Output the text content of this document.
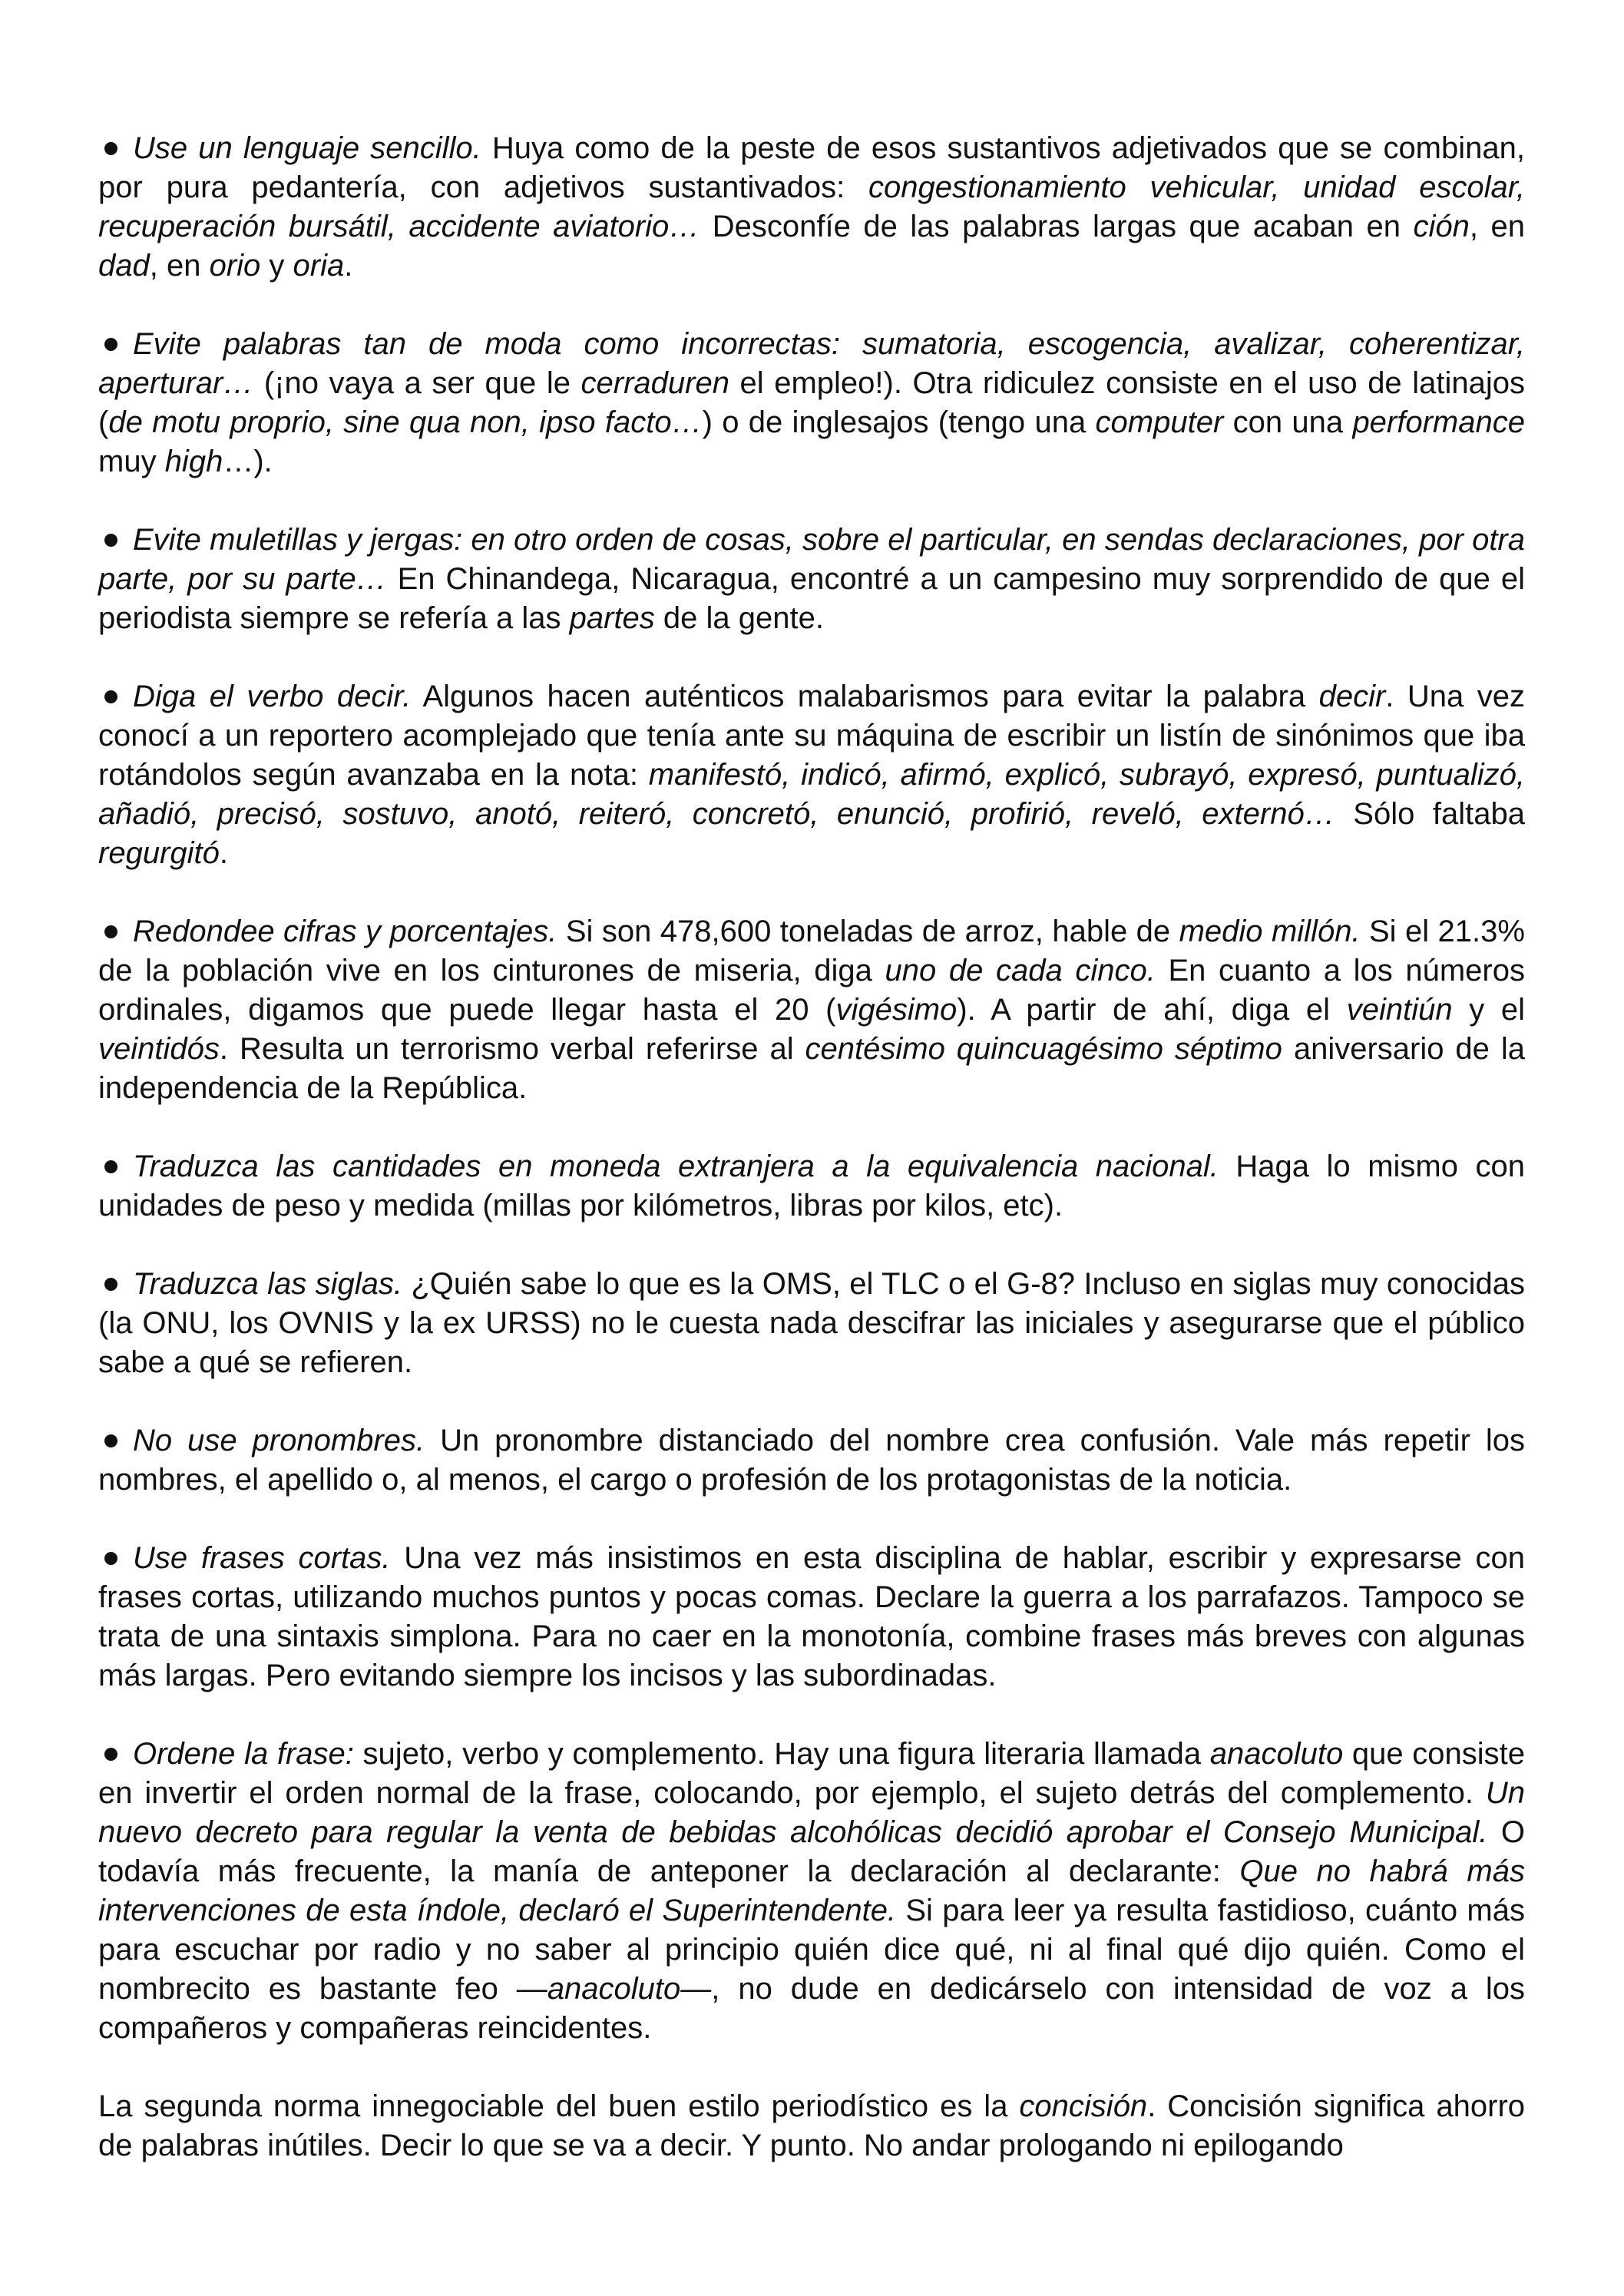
Use un lenguaje sencillo. Huya como de la peste de esos sustantivos adjetivados que se combinan, por pura pedantería, con adjetivos sustantivados: congestionamiento vehicular, unidad escolar, recuperación bursátil, accidente aviatorio… Desconfíe de las palabras largas que acaban en ción, en dad, en orio y oria.

Evite palabras tan de moda como incorrectas: sumatoria, escogencia, avalizar, coherentizar, aperturar… (¡no vaya a ser que le cerraduren el empleo!). Otra ridiculez consiste en el uso de latinajos (de motu proprio, sine qua non, ipso facto…) o de inglesajos (tengo una computer con una performance muy high…).

Evite muletillas y jergas: en otro orden de cosas, sobre el particular, en sendas declaraciones, por otra parte, por su parte… En Chinandega, Nicaragua, encontré a un campesino muy sorprendido de que el periodista siempre se refería a las partes de la gente.

Diga el verbo decir. Algunos hacen auténticos malabarismos para evitar la palabra decir. Una vez conocí a un reportero acomplejado que tenía ante su máquina de escribir un listín de sinónimos que iba rotándolos según avanzaba en la nota: manifestó, indicó, afirmó, explicó, subrayó, expresó, puntualizó, añadió, precisó, sostuvo, anotó, reiteró, concretó, enunció, profirió, reveló, externó… Sólo faltaba regurgitó.

Redondee cifras y porcentajes. Si son 478,600 toneladas de arroz, hable de medio millón. Si el 21.3% de la población vive en los cinturones de miseria, diga uno de cada cinco. En cuanto a los números ordinales, digamos que puede llegar hasta el 20 (vigésimo). A partir de ahí, diga el veintiún y el veintidós. Resulta un terrorismo verbal referirse al centésimo quincuagésimo séptimo aniversario de la independencia de la República.

Traduzca las cantidades en moneda extranjera a la equivalencia nacional. Haga lo mismo con unidades de peso y medida (millas por kilómetros, libras por kilos, etc).

Traduzca las siglas. ¿Quién sabe lo que es la OMS, el TLC o el G-8? Incluso en siglas muy conocidas (la ONU, los OVNIS y la ex URSS) no le cuesta nada descifrar las iniciales y asegurarse que el público sabe a qué se refieren.

No use pronombres. Un pronombre distanciado del nombre crea confusión. Vale más repetir los nombres, el apellido o, al menos, el cargo o profesión de los protagonistas de la noticia.

Use frases cortas. Una vez más insistimos en esta disciplina de hablar, escribir y expresarse con frases cortas, utilizando muchos puntos y pocas comas. Declare la guerra a los parrafazos. Tampoco se trata de una sintaxis simplona. Para no caer en la monotonía, combine frases más breves con algunas más largas. Pero evitando siempre los incisos y las subordinadas.

Ordene la frase: sujeto, verbo y complemento. Hay una figura literaria llamada anacoluto que consiste en invertir el orden normal de la frase, colocando, por ejemplo, el sujeto detrás del complemento. Un nuevo decreto para regular la venta de bebidas alcohólicas decidió aprobar el Consejo Municipal. O todavía más frecuente, la manía de anteponer la declaración al declarante: Que no habrá más intervenciones de esta índole, declaró el Superintendente. Si para leer ya resulta fastidioso, cuánto más para escuchar por radio y no saber al principio quién dice qué, ni al final qué dijo quién. Como el nombrecito es bastante feo —anacoluto—, no dude en dedicárselo con intensidad de voz a los compañeros y compañeras reincidentes.

La segunda norma innegociable del buen estilo periodístico es la concisión. Concisión significa ahorro de palabras inútiles. Decir lo que se va a decir. Y punto. No andar prologando ni epilogando
